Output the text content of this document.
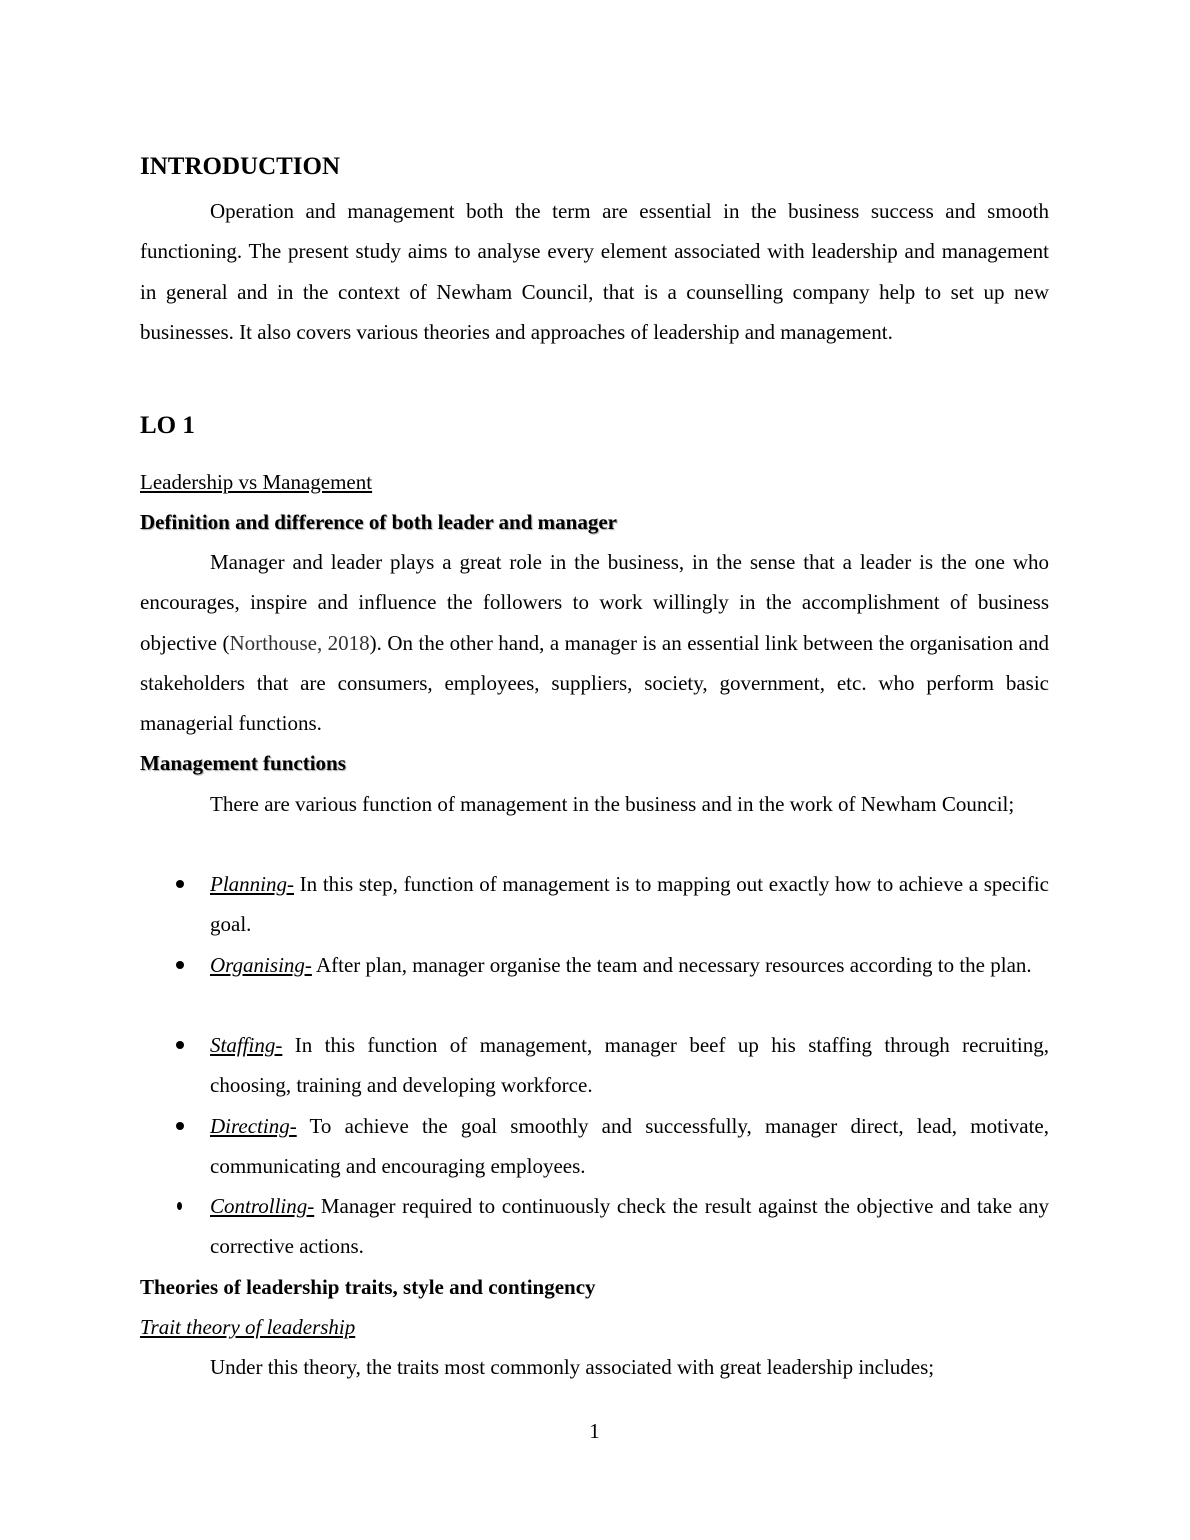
INTRODUCTION

Operation and management both the term are essential in the business success and smooth functioning. The present study aims to analyse every element associated with leadership and management in general and in the context of Newham Council, that is a counselling company help to set up new businesses. It also covers various theories and approaches of leadership and management.

LO 1
Leadership vs Management
Definition and difference of both leader and manager

Manager and leader plays a great role in the business, in the sense that a leader is the one who encourages, inspire and influence the followers to work willingly in the accomplishment of business objective (Northouse, 2018). On the other hand, a manager is an essential link between the organisation and stakeholders that are consumers, employees, suppliers, society, government, etc. who perform basic managerial functions.

Management functions

There are various function of management in the business and in the work of Newham Council;

Planning- In this step, function of management is to mapping out exactly how to achieve a specific goal.

Organising- After plan, manager organise the team and necessary resources according to the plan.

Staffing- In this function of management, manager beef up his staffing through recruiting, choosing, training and developing workforce.

Directing- To achieve the goal smoothly and successfully, manager direct, lead, motivate, communicating and encouraging employees.

Controlling- Manager required to continuously check the result against the objective and take any corrective actions.

Theories of leadership traits, style and contingency
Trait theory of leadership
Under this theory, the traits most commonly associated with great leadership includes;
1
